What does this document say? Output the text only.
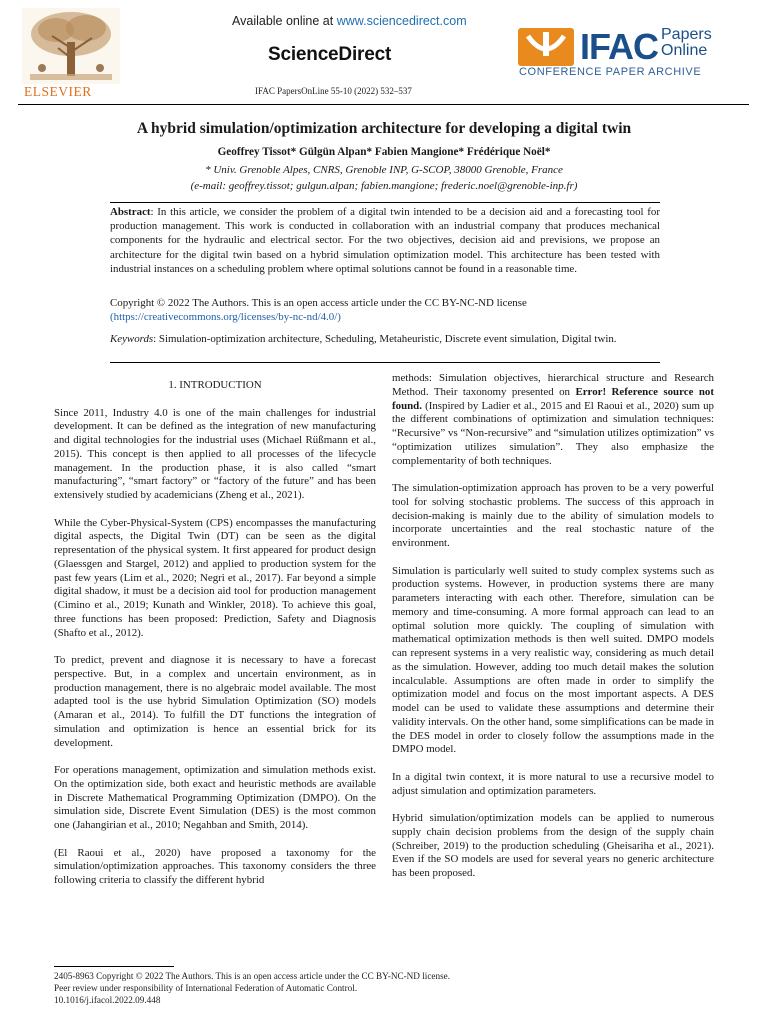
ELSEVIER
Available online at www.sciencedirect.com
ScienceDirect
IFAC PapersOnLine 55-10 (2022) 532–537
IFAC Papers
Online
CONFERENCE PAPER ARCHIVE
A hybrid simulation/optimization architecture for developing a digital twin
Geoffrey Tissot* Gülgün Alpan* Fabien Mangione* Frédérique Noël*
* Univ. Grenoble Alpes, CNRS, Grenoble INP, G-SCOP, 38000 Grenoble, France
(e-mail: geoffrey.tissot; gulgun.alpan; fabien.mangione; frederic.noel@grenoble-inp.fr)
Abstract: In this article, we consider the problem of a digital twin intended to be a decision aid and a forecasting tool for production management. This work is conducted in collaboration with an industrial company that produces mechanical components for the hydraulic and electrical sector. For the two objectives, decision aid and previsions, we propose an architecture for the digital twin based on a hybrid simulation optimization model. This architecture has been tested with industrial instances on a scheduling problem where optimal solutions cannot be found in a reasonable time.
Copyright © 2022 The Authors. This is an open access article under the CC BY-NC-ND license
(https://creativecommons.org/licenses/by-nc-nd/4.0/)
Keywords: Simulation-optimization architecture, Scheduling, Metaheuristic, Discrete event simulation, Digital twin.
1. INTRODUCTION

Since 2011, Industry 4.0 is one of the main challenges for industrial development. It can be defined as the integration of new manufacturing and digital technologies for the industrial uses (Michael Rüßmann et al., 2015). This concept is then applied to all processes of the lifecycle management. In the production phase, it is also called “smart manufacturing”, “smart factory” or “factory of the future” and has been extensively studied by academicians (Zheng et al., 2021).

While the Cyber-Physical-System (CPS) encompasses the manufacturing digital aspects, the Digital Twin (DT) can be seen as the digital representation of the physical system. It first appeared for product design (Glaessgen and Stargel, 2012) and applied to production system for the past few years (Lim et al., 2020; Negri et al., 2017). Far beyond a simple digital shadow, it must be a decision aid tool for production management (Cimino et al., 2019; Kunath and Winkler, 2018). To achieve this goal, three functions has been proposed: Prediction, Safety and Diagnosis (Shafto et al., 2012).

To predict, prevent and diagnose it is necessary to have a forecast perspective. But, in a complex and uncertain environment, as in production management, there is no algebraic model available. The most adapted tool is the use hybrid Simulation Optimization (SO) models (Amaran et al., 2014). To fulfill the DT functions the integration of simulation and optimization is hence an essential brick for its development.

For operations management, optimization and simulation methods exist. On the optimization side, both exact and heuristic methods are available in Discrete Mathematical Programming Optimization (DMPO). On the simulation side, Discrete Event Simulation (DES) is the most common one (Jahangirian et al., 2010; Negahban and Smith, 2014).

(El Raoui et al., 2020) have proposed a taxonomy for the simulation/optimization approaches. This taxonomy considers the three following criteria to classify the different hybrid

methods: Simulation objectives, hierarchical structure and Research Method. Their taxonomy presented on Error! Reference source not found. (Inspired by Ladier et al., 2015 and El Raoui et al., 2020) sum up the different combinations of optimization and simulation techniques: “Recursive” vs “Non-recursive” and “simulation utilizes optimization” vs “optimization utilizes simulation”. They also emphasize the complementarity of both techniques.

The simulation-optimization approach has proven to be a very powerful tool for solving stochastic problems. The success of this approach in decision-making is mainly due to the ability of simulation models to incorporate uncertainties and the real stochastic nature of the environment.

Simulation is particularly well suited to study complex systems such as production systems. However, in production systems there are many parameters interacting with each other. Therefore, simulation can be memory and time-consuming. A more formal approach can lead to an optimal solution more quickly. The coupling of simulation with mathematical optimization methods is then well suited. DMPO models can represent systems in a very realistic way, considering as much detail as the simulation. However, adding too much detail makes the solution incalculable. Assumptions are often made in order to simplify the optimization model and focus on the most important aspects. A DES model can be used to validate these assumptions and determine their validity intervals. On the other hand, some simplifications can be made in the DES model in order to closely follow the assumptions made in the DMPO model.

In a digital twin context, it is more natural to use a recursive model to adjust simulation and optimization parameters.

Hybrid simulation/optimization models can be applied to numerous supply chain decision problems from the design of the supply chain (Schreiber, 2019) to the production scheduling (Gheisariha et al., 2021). Even if the SO models are used for several years no generic architecture has been proposed.

2405-8963 Copyright © 2022 The Authors. This is an open access article under the CC BY-NC-ND license.
Peer review under responsibility of International Federation of Automatic Control.
10.1016/j.ifacol.2022.09.448
